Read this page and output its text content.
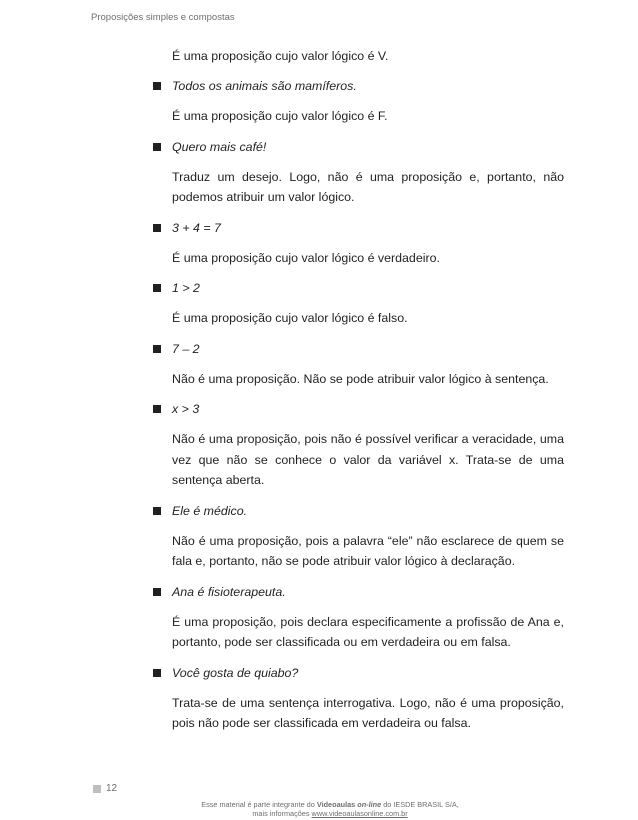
Proposições simples e compostas
É uma proposição cujo valor lógico é V.
Todos os animais são mamíferos.
É uma proposição cujo valor lógico é F.
Quero mais café!
Traduz um desejo. Logo, não é uma proposição e, portanto, não podemos atribuir um valor lógico.
3 + 4 = 7
É uma proposição cujo valor lógico é verdadeiro.
1 > 2
É uma proposição cujo valor lógico é falso.
7 – 2
Não é uma proposição. Não se pode atribuir valor lógico à sentença.
x > 3
Não é uma proposição, pois não é possível verificar a veracidade, uma vez que não se conhece o valor da variável x. Trata-se de uma sentença aberta.
Ele é médico.
Não é uma proposição, pois a palavra “ele” não esclarece de quem se fala e, portanto, não se pode atribuir valor lógico à declaração.
Ana é fisioterapeuta.
É uma proposição, pois declara especificamente a profissão de Ana e, portanto, pode ser classificada ou em verdadeira ou em falsa.
Você gosta de quiabo?
Trata-se de uma sentença interrogativa. Logo, não é uma proposição, pois não pode ser classificada em verdadeira ou falsa.
12
Esse material é parte integrante do Videoaulas on-line do IESDE BRASIL S/A,
mais informações www.videoaulasonline.com.br
